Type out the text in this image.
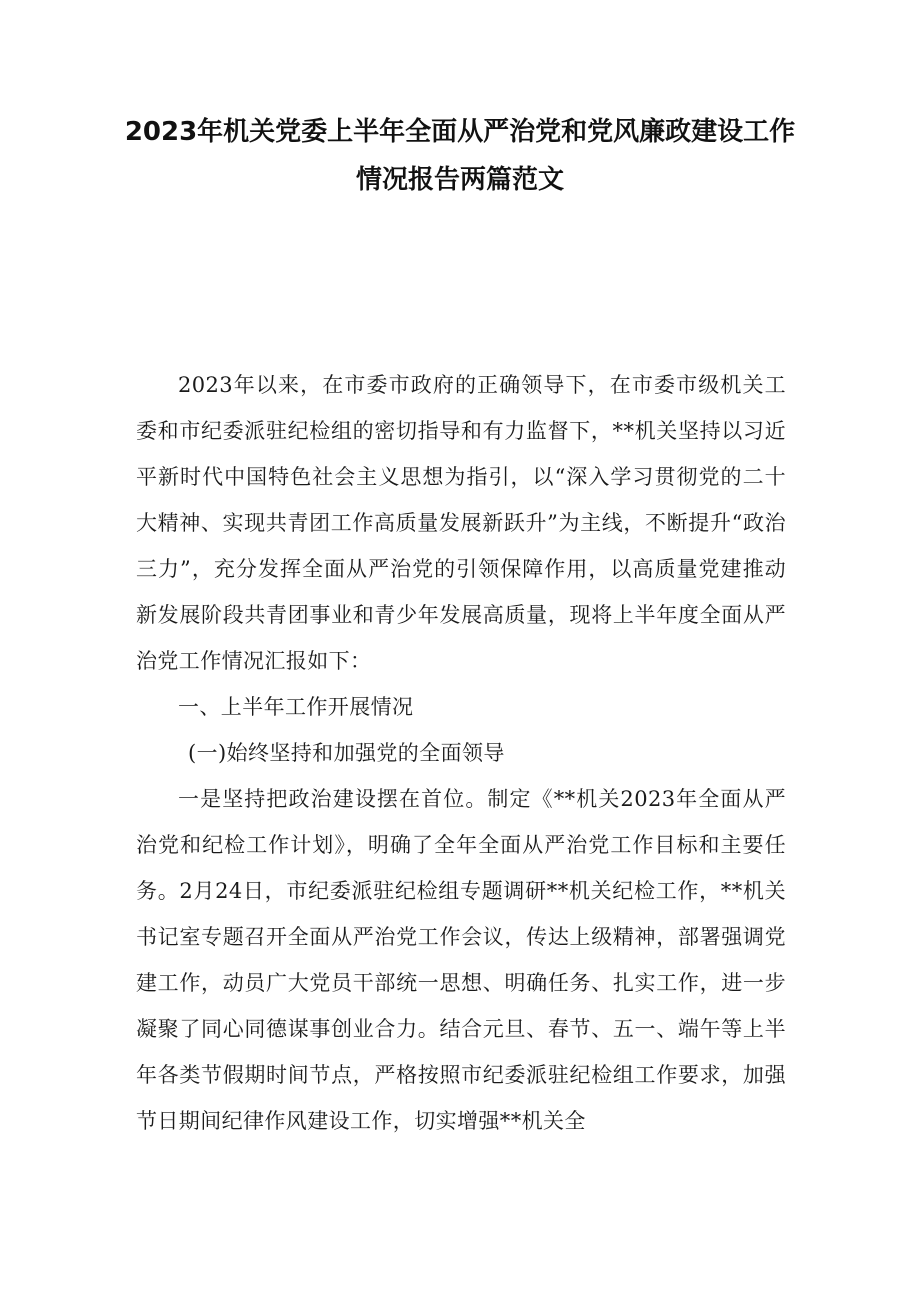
2023年机关党委上半年全面从严治党和党风廉政建设工作情况报告两篇范文

2023年以来，在市委市政府的正确领导下，在市委市级机关工委和市纪委派驻纪检组的密切指导和有力监督下，**机关坚持以习近平新时代中国特色社会主义思想为指引，以“深入学习贯彻党的二十大精神、实现共青团工作高质量发展新跃升”为主线，不断提升“政治三力”，充分发挥全面从严治党的引领保障作用，以高质量党建推动新发展阶段共青团事业和青少年发展高质量，现将上半年度全面从严治党工作情况汇报如下：

一、上半年工作开展情况

(一)始终坚持和加强党的全面领导

一是坚持把政治建设摆在首位。制定《**机关2023年全面从严治党和纪检工作计划》，明确了全年全面从严治党工作目标和主要任务。2月24日，市纪委派驻纪检组专题调研**机关纪检工作，**机关书记室专题召开全面从严治党工作会议，传达上级精神，部署强调党建工作，动员广大党员干部统一思想、明确任务、扎实工作，进一步凝聚了同心同德谋事创业合力。结合元旦、春节、五一、端午等上半年各类节假期时间节点，严格按照市纪委派驻纪检组工作要求，加强节日期间纪律作风建设工作，切实增强**机关全
